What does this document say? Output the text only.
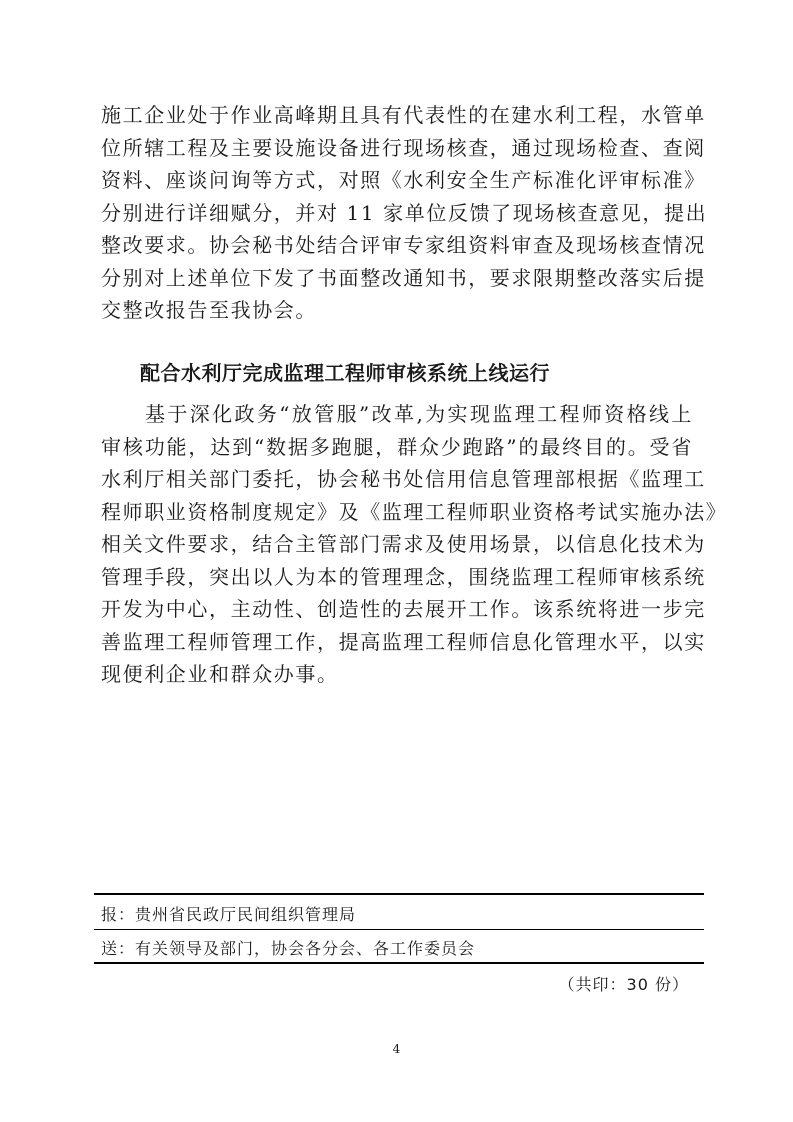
施工企业处于作业高峰期且具有代表性的在建水利工程，水管单
位所辖工程及主要设施设备进行现场核查，通过现场检查、查阅
资料、座谈问询等方式，对照《水利安全生产标准化评审标准》
分别进行详细赋分，并对 11 家单位反馈了现场核查意见，提出
整改要求。协会秘书处结合评审专家组资料审查及现场核查情况
分别对上述单位下发了书面整改通知书，要求限期整改落实后提
交整改报告至我协会。
配合水利厅完成监理工程师审核系统上线运行
基于深化政务“放管服”改革,为实现监理工程师资格线上
审核功能，达到“数据多跑腿，群众少跑路”的最终目的。受省
水利厅相关部门委托，协会秘书处信用信息管理部根据《监理工
程师职业资格制度规定》及《监理工程师职业资格考试实施办法》
相关文件要求，结合主管部门需求及使用场景，以信息化技术为
管理手段，突出以人为本的管理理念，围绕监理工程师审核系统
开发为中心，主动性、创造性的去展开工作。该系统将进一步完
善监理工程师管理工作，提高监理工程师信息化管理水平，以实
现便利企业和群众办事。

报：贵州省民政厅民间组织管理局

送：有关领导及部门，协会各分会、各工作委员会

（共印：30 份）

4
